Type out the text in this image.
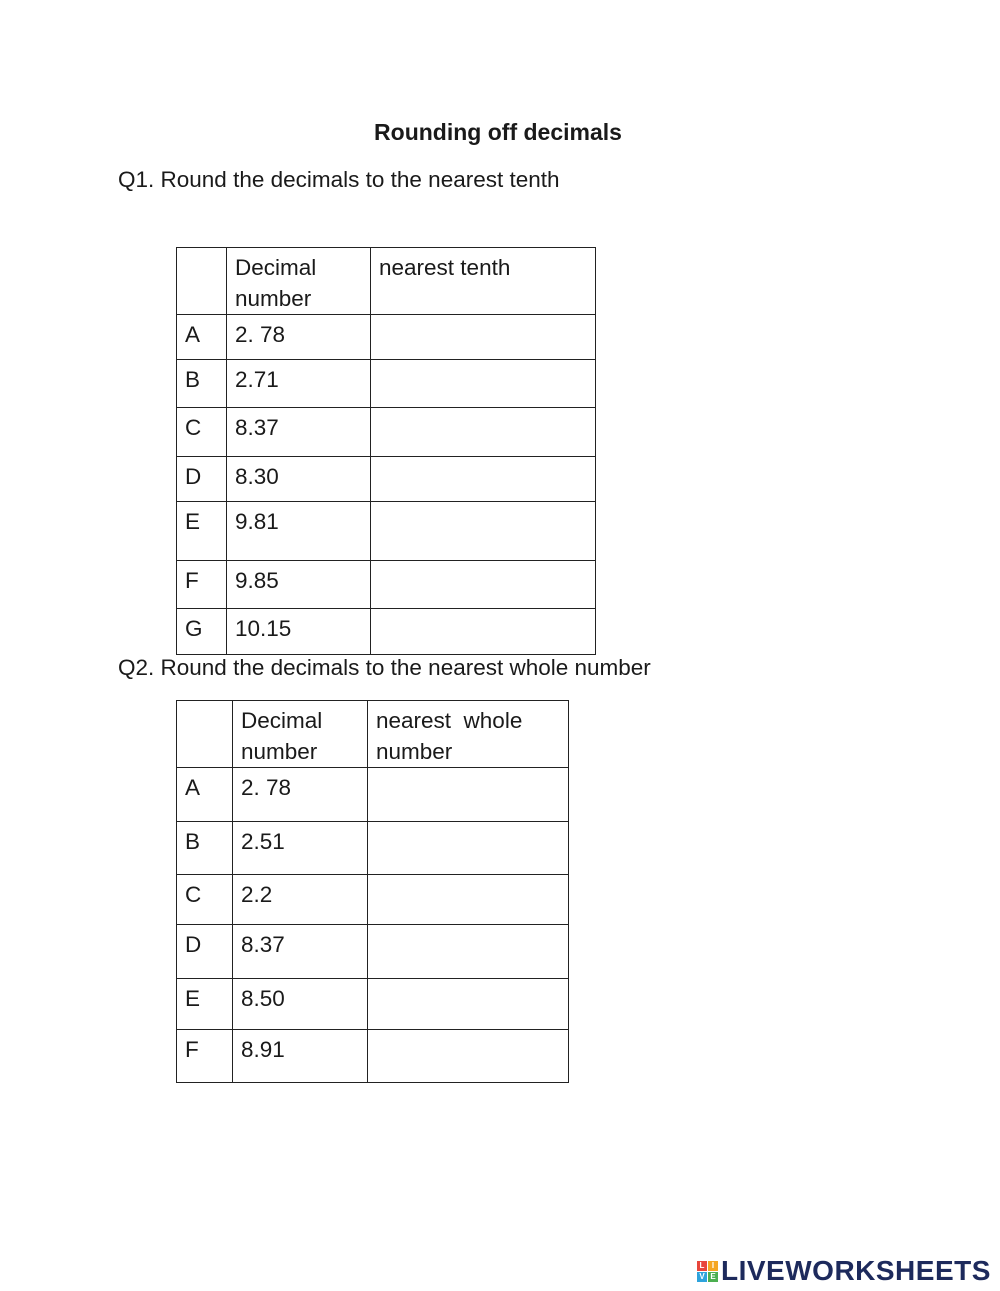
Rounding off decimals
Q1. Round the decimals to the nearest tenth
	Decimal number	nearest tenth
A	2. 78	
B	2.71	
C	8.37	
D	8.30	
E	9.81	
F	9.85	
G	10.15	
Q2. Round the decimals to the nearest whole number
	Decimal number	nearest  whole number
A	2. 78	
B	2.51	
C	2.2	
D	8.37	
E	8.50	
F	8.91	
L I
V E LIVEWORKSHEETS
